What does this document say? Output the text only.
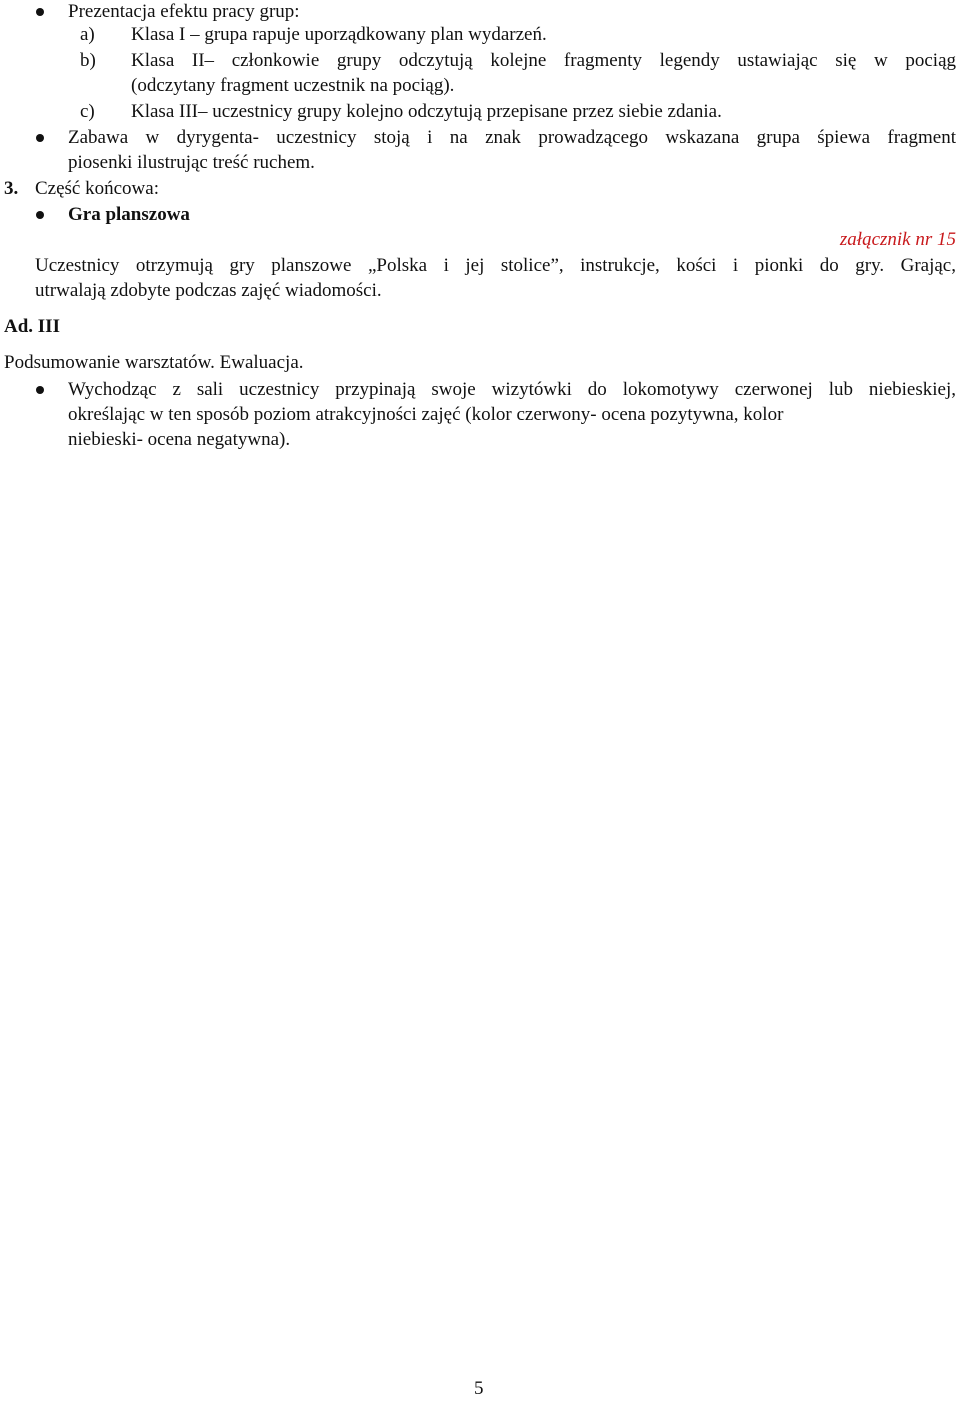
Prezentacja efektu pracy grup:
a) Klasa I – grupa rapuje uporządkowany plan wydarzeń.
b) Klasa II– członkowie grupy odczytują kolejne fragmenty legendy ustawiając się w pociąg
(odczytany fragment uczestnik na pociąg).
c) Klasa III– uczestnicy grupy kolejno odczytują przepisane przez siebie zdania.
Zabawa w dyrygenta- uczestnicy stoją i na znak prowadzącego wskazana grupa śpiewa fragment
piosenki ilustrując treść ruchem.
3. Część końcowa:
Gra planszowa
załącznik nr 15
Uczestnicy otrzymują gry planszowe „Polska i jej stolice”, instrukcje, kości i pionki do gry. Grając,
utrwalają zdobyte podczas zajęć wiadomości.
Ad. III
Podsumowanie warsztatów. Ewaluacja.
Wychodząc z sali uczestnicy przypinają swoje wizytówki do lokomotywy czerwonej lub niebieskiej,
określając w ten sposób poziom atrakcyjności zajęć (kolor czerwony- ocena pozytywna, kolor
niebieski- ocena negatywna).
5
